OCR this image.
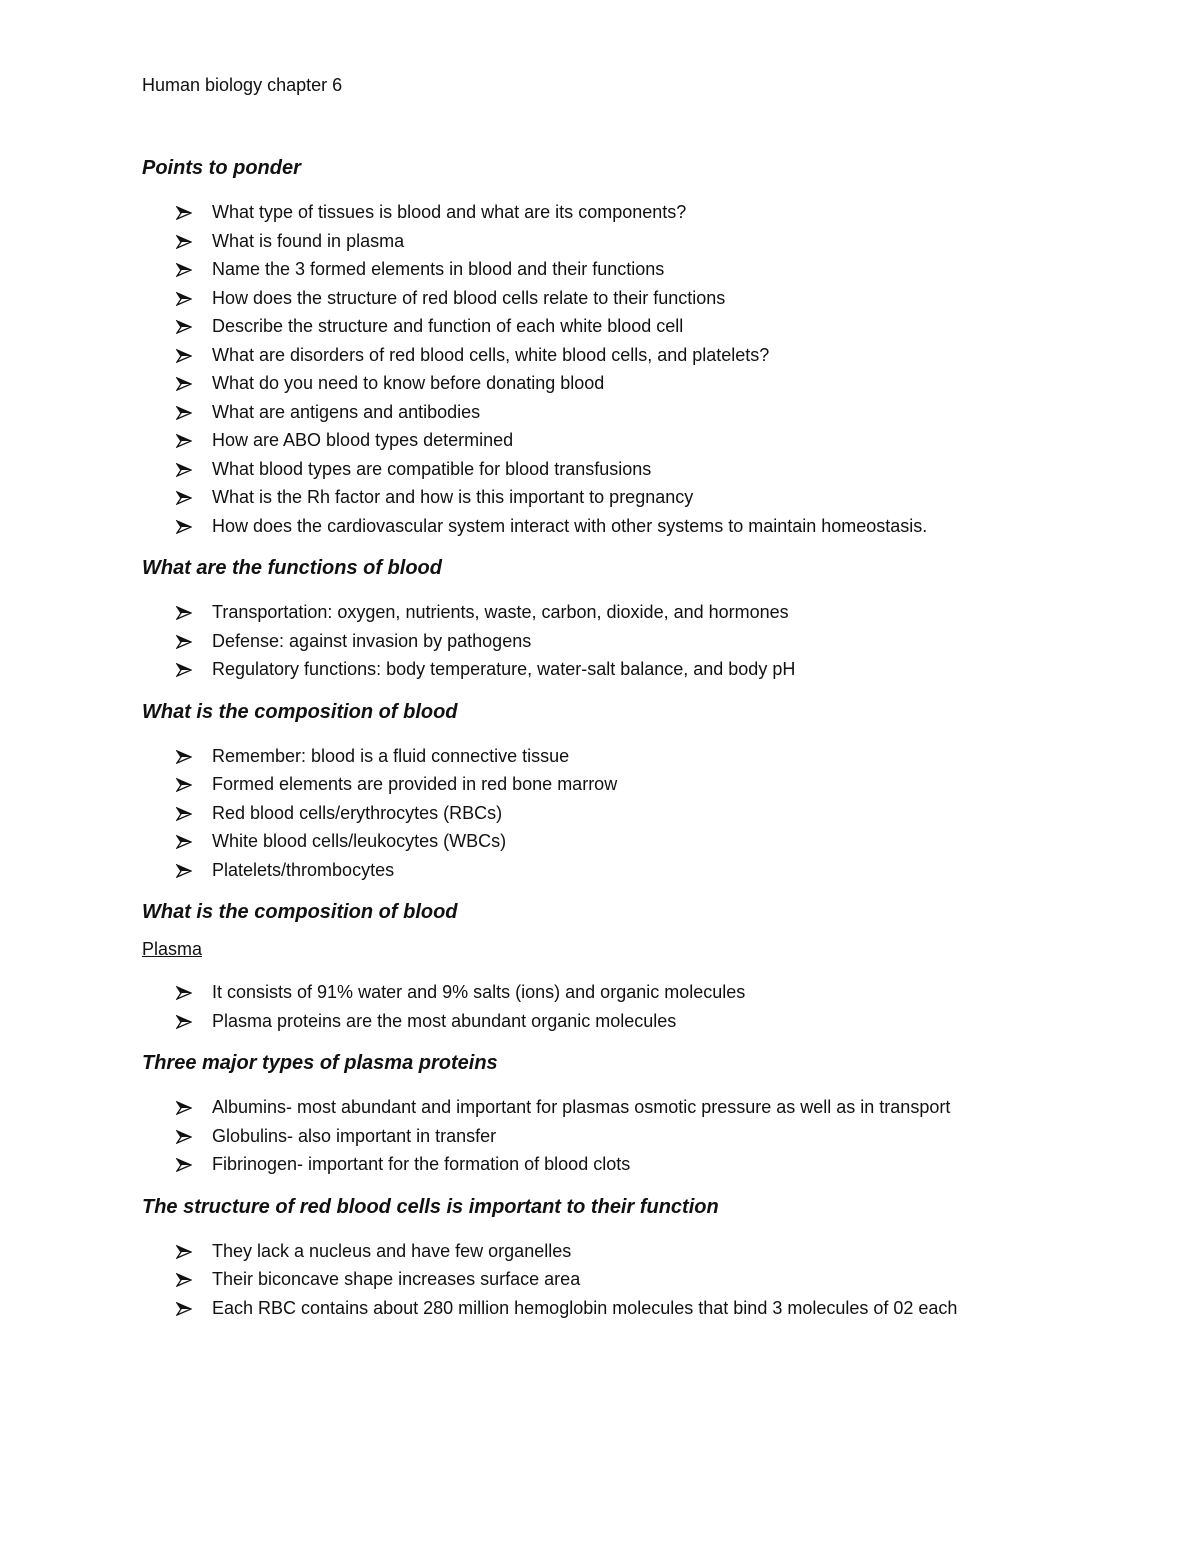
Human biology chapter 6

Points to ponder

What type of tissues is blood and what are its components?
What is found in plasma
Name the 3 formed elements in blood and their functions
How does the structure of red blood cells relate to their functions
Describe the structure and function of each white blood cell
What are disorders of red blood cells, white blood cells, and platelets?
What do you need to know before donating blood
What are antigens and antibodies
How are ABO blood types determined
What blood types are compatible for blood transfusions
What is the Rh factor and how is this important to pregnancy
How does the cardiovascular system interact with other systems to maintain homeostasis.

What are the functions of blood

Transportation: oxygen, nutrients, waste, carbon, dioxide, and hormones
Defense: against invasion by pathogens
Regulatory functions: body temperature, water-salt balance, and body pH

What is the composition of blood

Remember: blood is a fluid connective tissue
Formed elements are provided in red bone marrow
Red blood cells/erythrocytes (RBCs)
White blood cells/leukocytes (WBCs)
Platelets/thrombocytes

What is the composition of blood

Plasma

It consists of 91% water and 9% salts (ions) and organic molecules
Plasma proteins are the most abundant organic molecules

Three major types of plasma proteins

Albumins- most abundant and important for plasmas osmotic pressure as well as in transport
Globulins- also important in transfer
Fibrinogen- important for the formation of blood clots

The structure of red blood cells is important to their function

They lack a nucleus and have few organelles
Their biconcave shape increases surface area
Each RBC contains about 280 million hemoglobin molecules that bind 3 molecules of 02 each
